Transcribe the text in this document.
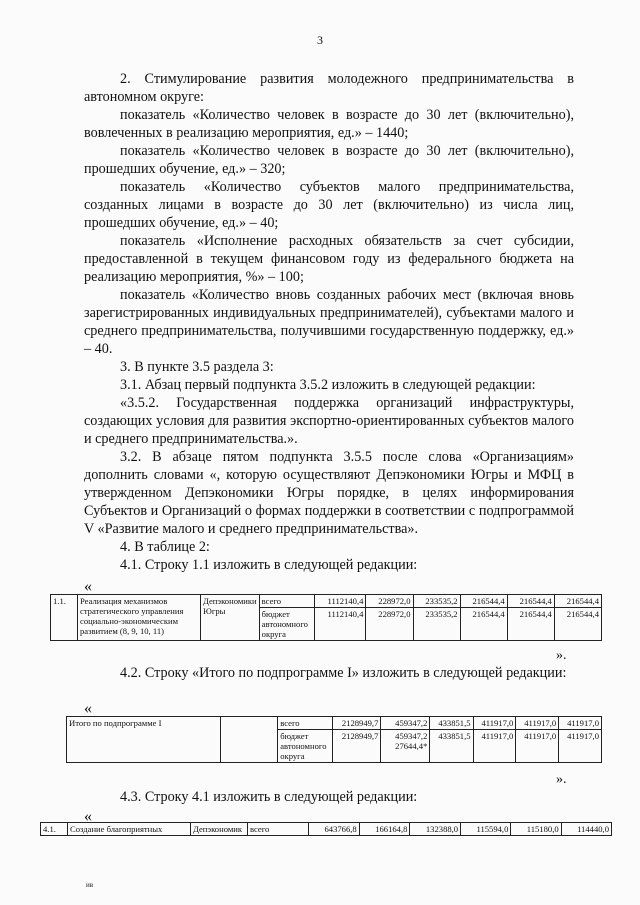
3

2. Стимулирование развития молодежного предпринимательства в автономном округе:

показатель «Количество человек в возрасте до 30 лет (включительно), вовлеченных в реализацию мероприятия, ед.» – 1440;

показатель «Количество человек в возрасте до 30 лет (включительно), прошедших обучение, ед.» – 320;

показатель «Количество субъектов малого предпринимательства, созданных лицами в возрасте до 30 лет (включительно) из числа лиц, прошедших обучение, ед.» – 40;

показатель «Исполнение расходных обязательств за счет субсидии, предоставленной в текущем финансовом году из федерального бюджета на реализацию мероприятия, %» – 100;

показатель «Количество вновь созданных рабочих мест (включая вновь зарегистрированных индивидуальных предпринимателей), субъектами малого и среднего предпринимательства, получившими государственную поддержку, ед.» – 40.

3. В пункте 3.5 раздела 3:

3.1. Абзац первый подпункта 3.5.2 изложить в следующей редакции:

«3.5.2. Государственная поддержка организаций инфраструктуры, создающих условия для развития экспортно-ориентированных субъектов малого и среднего предпринимательства.».

3.2. В абзаце пятом подпункта 3.5.5 после слова «Организациям» дополнить словами «, которую осуществляют Депэкономики Югры и МФЦ в утвержденном Депэкономики Югры порядке, в целях информирования Субъектов и Организаций о формах поддержки в соответствии с подпрограммой V «Развитие малого и среднего предпринимательства».

4. В таблице 2:

4.1. Строку 1.1 изложить в следующей редакции:

«
1.1.	Реализация механизмов стратегического управления социально-экономическим развитием (8, 9, 10, 11)	Депэкономики Югры	всего	1112140,4	228972,0	233535,2	216544,4	216544,4	216544,4
			бюджет автономного округа	1112140,4	228972,0	233535,2	216544,4	216544,4	216544,4
».
4.2. Строку «Итого по подпрограмме I» изложить в следующей редакции:
«
Итого по подпрограмме I		всего	2128949,7	459347,2	433851,5	411917,0	411917,0	411917,0
		бюджет автономного округа	2128949,7	459347,2 27644,4*	433851,5	411917,0	411917,0	411917,0
».
4.3. Строку 4.1 изложить в следующей редакции:
«
4.1.	Создание благоприятных	Депэкономик	всего	643766,8	166164,8	132388,0	115594,0	115180,0	114440,0
ив
